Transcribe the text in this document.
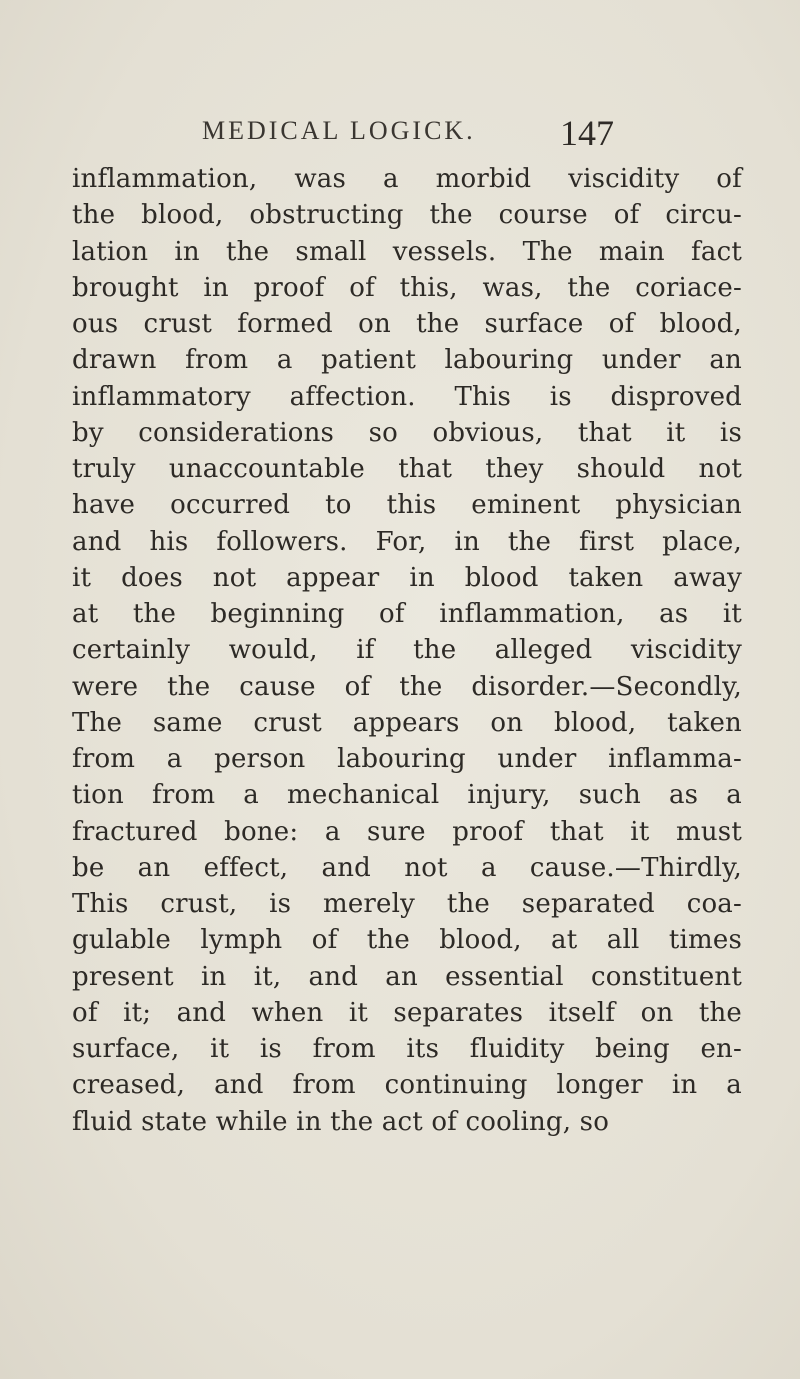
MEDICAL LOGICK. 147
inflammation, was a morbid viscidity of
the blood, obstructing the course of circu-
lation in the small vessels. The main fact
brought in proof of this, was, the coriace-
ous crust formed on the surface of blood,
drawn from a patient labouring under an
inflammatory affection. This is disproved
by considerations so obvious, that it is
truly unaccountable that they should not
have occurred to this eminent physician
and his followers. For, in the first place,
it does not appear in blood taken away
at the beginning of inflammation, as it
certainly would, if the alleged viscidity
were the cause of the disorder.—Secondly,
The same crust appears on blood, taken
from a person labouring under inflamma-
tion from a mechanical injury, such as a
fractured bone: a sure proof that it must
be an effect, and not a cause.—Thirdly,
This crust, is merely the separated coa-
gulable lymph of the blood, at all times
present in it, and an essential constituent
of it; and when it separates itself on the
surface, it is from its fluidity being en-
creased, and from continuing longer in a
fluid state while in the act of cooling, so
